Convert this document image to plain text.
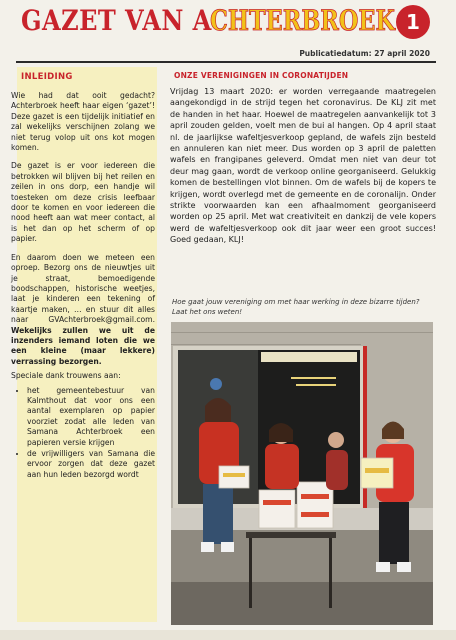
GAZET VAN A
CHTERBROEK 1
Publicatiedatum: 27 april 2020
INLEIDING

Wie had dat ooit gedacht? Achterbroek heeft haar eigen ‘gazet’! Deze gazet is een tijdelijk initiatief en zal wekelijks verschijnen zolang we niet terug volop uit ons kot mogen komen.

De gazet is er voor iedereen die betrokken wil blijven bij het reilen en zeilen in ons dorp, een handje wil toesteken om deze crisis leefbaar door te komen en voor iedereen die nood heeft aan wat meer contact, al is het dan op het scherm of op papier.

En daarom doen we meteen een oproep. Bezorg ons de nieuwtjes uit je straat, bemoedigende boodschappen, historische weetjes, laat je kinderen een tekening of kaartje maken, … en stuur dit alles naar GVAchterbroek@gmail.com. Wekelijks zullen we uit de inzenders iemand loten die we een kleine (maar lekkere) verrassing bezorgen.

Speciale dank trouwens aan:

• het gemeentebestuur van Kalmthout dat voor ons een aantal exemplaren op papier voorziet zodat alle leden van Samana Achterbroek een papieren versie krijgen
• de vrijwilligers van Samana die ervoor zorgen dat deze gazet aan hun leden bezorgd wordt
ONZE VERENIGINGEN IN CORONATIJDEN
Vrijdag 13 maart 2020: er worden verregaande maatregelen aangekondigd in de strijd tegen het coronavirus. De KLJ zit met de handen in het haar. Hoewel de maatregelen aanvankelijk tot 3 april zouden gelden, voelt men de bui al hangen. Op 4 april staat nl. de jaarlijkse wafeltjesverkoop gepland, de wafels zijn besteld en annuleren kan niet meer. Dus worden op 3 april de paletten wafels en frangipanes geleverd. Omdat men niet van deur tot deur mag gaan, wordt de verkoop online georganiseerd. Gelukkig komen de bestellingen vlot binnen. Om de wafels bij de kopers te krijgen, wordt overlegd met de gemeente en de coronalijn. Onder strikte voorwaarden kan een afhaalmoment georganiseerd worden op 25 april. Met wat creativiteit en dankzij de vele kopers werd de wafeltjesverkoop ook dit jaar weer een groot succes! Goed gedaan, KLJ!
Hoe gaat jouw vereniging om met haar werking in deze bizarre tijden? Laat het ons weten!
